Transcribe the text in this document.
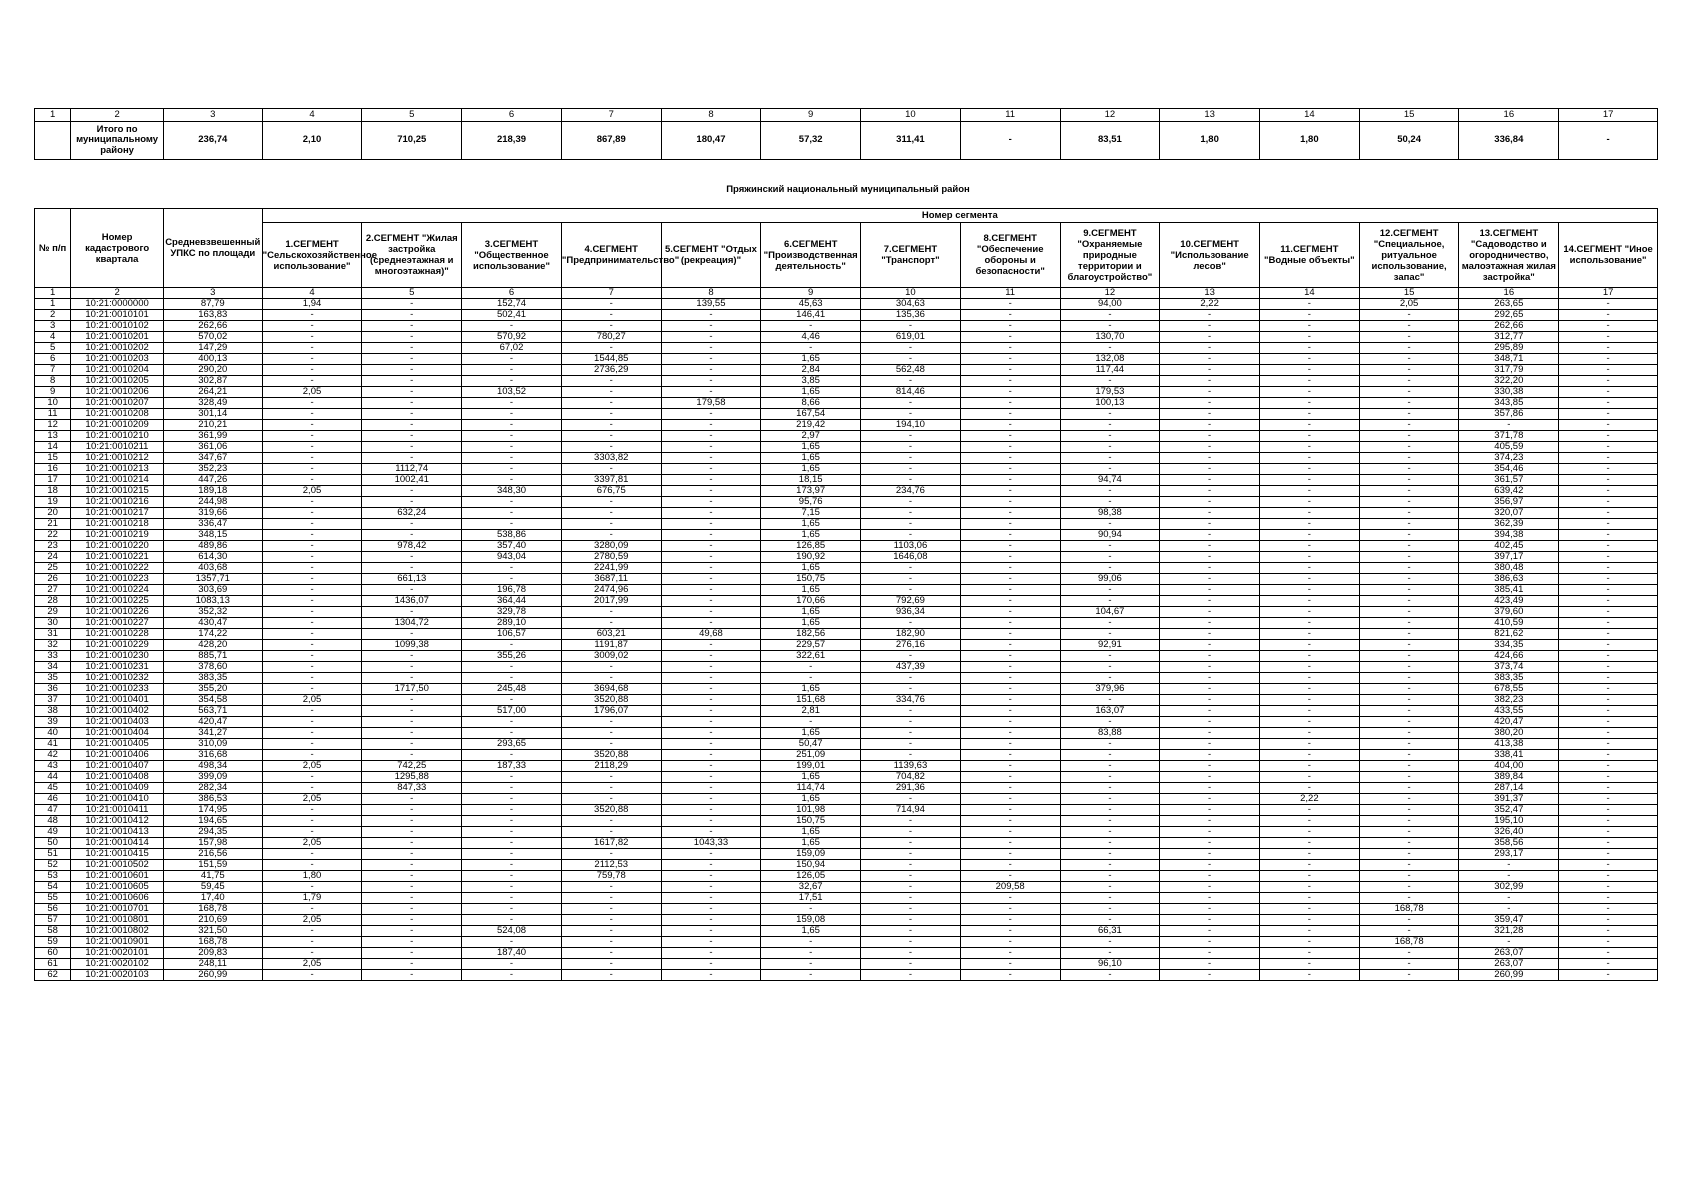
1	2	3	4	5	6	7	8	9	10	11	12	13	14	15	16	17
	Итого по муниципальному району	236,74	2,10	710,25	218,39	867,89	180,47	57,32	311,41	-	83,51	1,80	1,80	50,24	336,84	-
Пряжинский национальный муниципальный район
№ п/п	Номер кадастрового квартала	Средневзвешенный УПКС по площади	Номер сегмента													
			1.СЕГМЕНТ "Сельскохозяйственное использование"	2.СЕГМЕНТ "Жилая застройка (среднеэтажная и многоэтажная)"	3.СЕГМЕНТ "Общественное использование"	4.СЕГМЕНТ "Предпринимательство"	5.СЕГМЕНТ "Отдых (рекреация)"	6.СЕГМЕНТ "Производственная деятельность"	7.СЕГМЕНТ "Транспорт"	8.СЕГМЕНТ "Обеспечение обороны и безопасности"	9.СЕГМЕНТ "Охраняемые природные территории и благоустройство"	10.СЕГМЕНТ "Использование лесов"	11.СЕГМЕНТ "Водные объекты"	12.СЕГМЕНТ "Специальное, ритуальное использование, запас"	13.СЕГМЕНТ "Садоводство и огородничество, малоэтажная жилая застройка"	14.СЕГМЕНТ "Иное использование"
1	2	3	4	5	6	7	8	9	10	11	12	13	14	15	16	17
1	10:21:0000000	87,79	1,94	-	152,74	-	139,55	45,63	304,63	-	94,00	2,22	-	2,05	263,65	-
2	10:21:0010101	163,83	-	-	502,41	-	-	146,41	135,36	-	-	-	-	-	292,65	-
3	10:21:0010102	262,66	-	-	-	-	-	-	-	-	-	-	-	-	262,66	-
4	10:21:0010201	570,02	-	-	570,92	780,27	-	4,46	619,01	-	130,70	-	-	-	312,77	-
5	10:21:0010202	147,29	-	-	67,02	-	-	-	-	-	-	-	-	-	295,89	-
6	10:21:0010203	400,13	-	-	-	1544,85	-	1,65	-	-	132,08	-	-	-	348,71	-
7	10:21:0010204	290,20	-	-	-	2736,29	-	2,84	562,48	-	117,44	-	-	-	317,79	-
8	10:21:0010205	302,87	-	-	-	-	-	3,85	-	-	-	-	-	-	322,20	-
9	10:21:0010206	264,21	2,05	-	103,52	-	-	1,65	814,46	-	179,53	-	-	-	330,38	-
10	10:21:0010207	328,49	-	-	-	-	179,58	8,66	-	-	100,13	-	-	-	343,85	-
11	10:21:0010208	301,14	-	-	-	-	-	167,54	-	-	-	-	-	-	357,86	-
12	10:21:0010209	210,21	-	-	-	-	-	219,42	194,10	-	-	-	-	-	-	-
13	10:21:0010210	361,99	-	-	-	-	-	2,97	-	-	-	-	-	-	371,78	-
14	10:21:0010211	361,06	-	-	-	-	-	1,65	-	-	-	-	-	-	405,59	-
15	10:21:0010212	347,67	-	-	-	3303,82	-	1,65	-	-	-	-	-	-	374,23	-
16	10:21:0010213	352,23	-	1112,74	-	-	-	1,65	-	-	-	-	-	-	354,46	-
17	10:21:0010214	447,26	-	1002,41	-	3397,81	-	18,15	-	-	94,74	-	-	-	361,57	-
18	10:21:0010215	189,18	2,05	-	348,30	676,75	-	173,97	234,76	-	-	-	-	-	639,42	-
19	10:21:0010216	244,98	-	-	-	-	-	95,76	-	-	-	-	-	-	356,97	-
20	10:21:0010217	319,66	-	632,24	-	-	-	7,15	-	-	98,38	-	-	-	320,07	-
21	10:21:0010218	336,47	-	-	-	-	-	1,65	-	-	-	-	-	-	362,39	-
22	10:21:0010219	348,15	-	-	538,86	-	-	1,65	-	-	90,94	-	-	-	394,38	-
23	10:21:0010220	489,86	-	978,42	357,40	3280,09	-	126,85	1103,06	-	-	-	-	-	402,45	-
24	10:21:0010221	614,30	-	-	943,04	2780,59	-	190,92	1646,08	-	-	-	-	-	397,17	-
25	10:21:0010222	403,68	-	-	-	2241,99	-	1,65	-	-	-	-	-	-	380,48	-
26	10:21:0010223	1357,71	-	661,13	-	3687,11	-	150,75	-	-	99,06	-	-	-	386,63	-
27	10:21:0010224	303,69	-	-	196,78	2474,96	-	1,65	-	-	-	-	-	-	385,41	-
28	10:21:0010225	1083,13	-	1436,07	364,44	2017,99	-	170,66	792,69	-	-	-	-	-	423,49	-
29	10:21:0010226	352,32	-	-	329,78	-	-	1,65	936,34	-	104,67	-	-	-	379,60	-
30	10:21:0010227	430,47	-	1304,72	289,10	-	-	1,65	-	-	-	-	-	-	410,59	-
31	10:21:0010228	174,22	-	-	106,57	603,21	49,68	182,56	182,90	-	-	-	-	-	821,62	-
32	10:21:0010229	428,20	-	1099,38	-	1191,87	-	229,57	276,16	-	92,91	-	-	-	334,35	-
33	10:21:0010230	885,71	-	-	355,26	3009,02	-	322,61	-	-	-	-	-	-	424,66	-
34	10:21:0010231	378,60	-	-	-	-	-	-	437,39	-	-	-	-	-	373,74	-
35	10:21:0010232	383,35	-	-	-	-	-	-	-	-	-	-	-	-	383,35	-
36	10:21:0010233	355,20	-	1717,50	245,48	3694,68	-	1,65	-	-	379,96	-	-	-	678,55	-
37	10:21:0010401	354,58	2,05	-	-	3520,88	-	151,68	334,76	-	-	-	-	-	382,23	-
38	10:21:0010402	563,71	-	-	517,00	1796,07	-	2,81	-	-	163,07	-	-	-	433,55	-
39	10:21:0010403	420,47	-	-	-	-	-	-	-	-	-	-	-	-	420,47	-
40	10:21:0010404	341,27	-	-	-	-	-	1,65	-	-	83,88	-	-	-	380,20	-
41	10:21:0010405	310,09	-	-	293,65	-	-	50,47	-	-	-	-	-	-	413,38	-
42	10:21:0010406	316,68	-	-	-	3520,88	-	251,09	-	-	-	-	-	-	338,41	-
43	10:21:0010407	498,34	2,05	742,25	187,33	2118,29	-	199,01	1139,63	-	-	-	-	-	404,00	-
44	10:21:0010408	399,09	-	1295,88	-	-	-	1,65	704,82	-	-	-	-	-	389,84	-
45	10:21:0010409	282,34	-	847,33	-	-	-	114,74	291,36	-	-	-	-	-	287,14	-
46	10:21:0010410	386,53	2,05	-	-	-	-	1,65	-	-	-	-	2,22	-	391,37	-
47	10:21:0010411	174,95	-	-	-	3520,88	-	101,98	714,94	-	-	-	-	-	352,47	-
48	10:21:0010412	194,65	-	-	-	-	-	150,75	-	-	-	-	-	-	195,10	-
49	10:21:0010413	294,35	-	-	-	-	-	1,65	-	-	-	-	-	-	326,40	-
50	10:21:0010414	157,98	2,05	-	-	1617,82	1043,33	1,65	-	-	-	-	-	-	358,56	-
51	10:21:0010415	216,56	-	-	-	-	-	159,09	-	-	-	-	-	-	293,17	-
52	10:21:0010502	151,59	-	-	-	2112,53	-	150,94	-	-	-	-	-	-	-	-
53	10:21:0010601	41,75	1,80	-	-	759,78	-	126,05	-	-	-	-	-	-	-	-
54	10:21:0010605	59,45	-	-	-	-	-	32,67	-	209,58	-	-	-	-	302,99	-
55	10:21:0010606	17,40	1,79	-	-	-	-	17,51	-	-	-	-	-	-	-	-
56	10:21:0010701	168,78	-	-	-	-	-	-	-	-	-	-	-	168,78	-	-
57	10:21:0010801	210,69	2,05	-	-	-	-	159,08	-	-	-	-	-	-	359,47	-
58	10:21:0010802	321,50	-	-	524,08	-	-	1,65	-	-	66,31	-	-	-	321,28	-
59	10:21:0010901	168,78	-	-	-	-	-	-	-	-	-	-	-	168,78	-	-
60	10:21:0020101	209,83	-	-	187,40	-	-	-	-	-	-	-	-	-	263,07	-
61	10:21:0020102	248,11	2,05	-	-	-	-	-	-	-	96,10	-	-	-	263,07	-
62	10:21:0020103	260,99	-	-	-	-	-	-	-	-	-	-	-	-	260,99	-
